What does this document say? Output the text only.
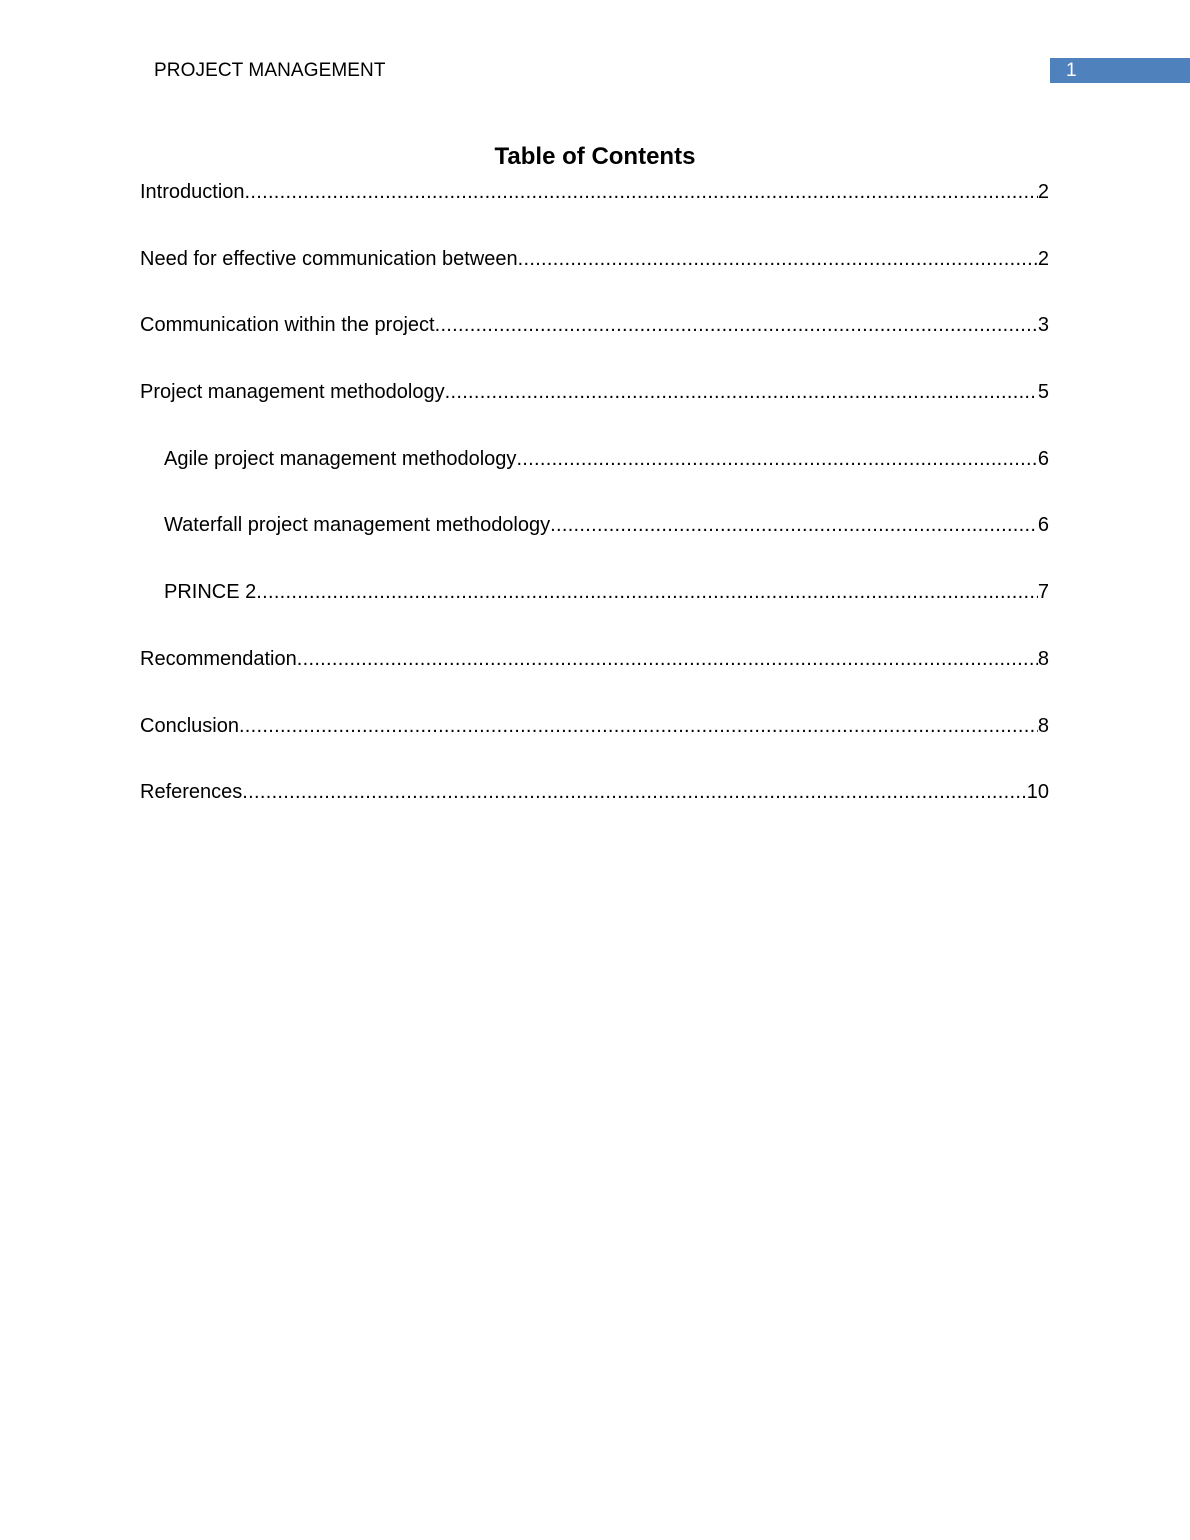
PROJECT MANAGEMENT	1
Table of Contents
Introduction .....	2
Need for effective communication between .....	2
Communication within the project .....	3
Project management methodology .....	5
Agile project management methodology .....	6
Waterfall project management methodology .....	6
PRINCE 2 .....	7
Recommendation .....	8
Conclusion .....	8
References .....	10
